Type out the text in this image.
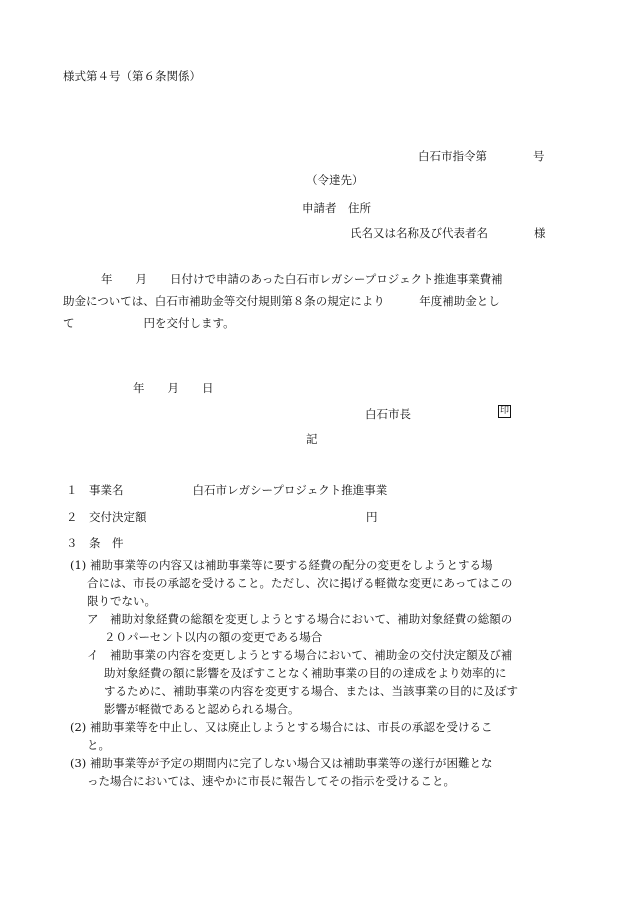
様式第４号（第６条関係）
白石市指令第　　　　号
（令達先）
申請者　住所
氏名又は名称及び代表者名　　　　様

年　　月　　日付けで申請のあった白石市レガシープロジェクト推進事業費補

助金については、白石市補助金等交付規則第８条の規定により　　　年度補助金とし

て　　　　　　円を交付します。

年　　月　　日
白石市長	印
記
１　事業名　　　　　　白石市レガシープロジェクト推進事業
２　交付決定額	円
３　条　件

(1) 補助事業等の内容又は補助事業等に要する経費の配分の変更をしようとする場

合には、市長の承認を受けること。ただし、次に掲げる軽微な変更にあってはこの

限りでない。

ア　補助対象経費の総額を変更しようとする場合において、補助対象経費の総額の

２０パーセント以内の額の変更である場合

イ　補助事業の内容を変更しようとする場合において、補助金の交付決定額及び補

助対象経費の額に影響を及ぼすことなく補助事業の目的の達成をより効率的に

するために、補助事業の内容を変更する場合、または、当該事業の目的に及ぼす

影響が軽微であると認められる場合。

(2) 補助事業等を中止し、又は廃止しようとする場合には、市長の承認を受けるこ

と。

(3) 補助事業等が予定の期間内に完了しない場合又は補助事業等の遂行が困難とな

った場合においては、速やかに市長に報告してその指示を受けること。
